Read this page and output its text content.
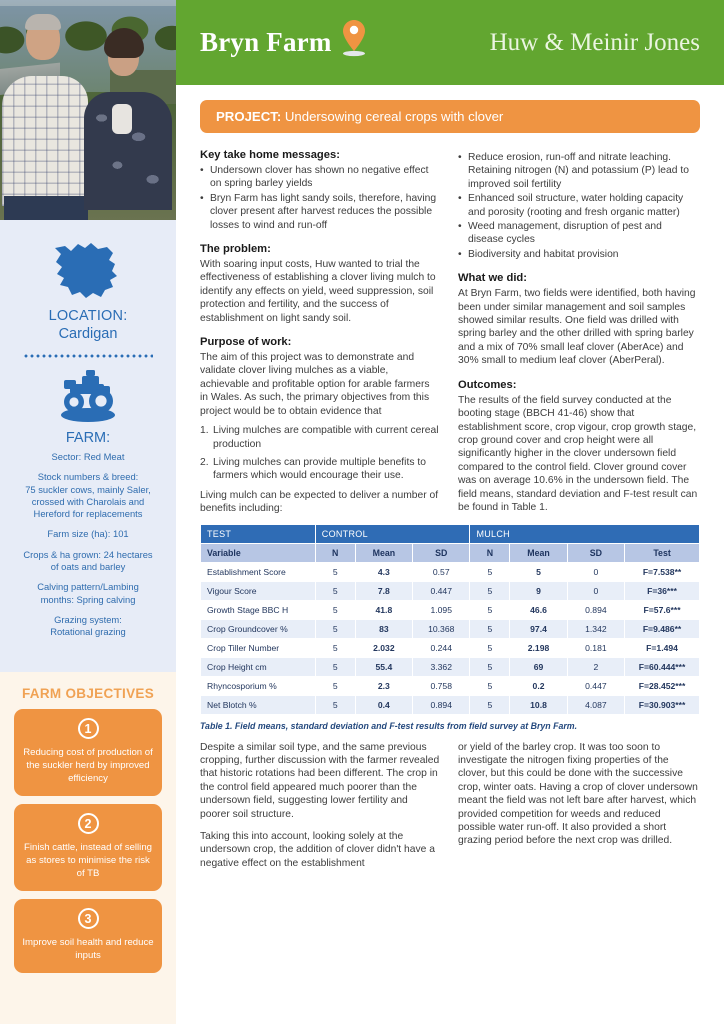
LOCATION:
Cardigan
FARM:
Sector: Red Meat
Stock numbers & breed:
75 suckler cows, mainly Saler,
crossed with Charolais and
Hereford for replacements
Farm size (ha): 101
Crops & ha grown: 24 hectares
of oats and barley
Calving pattern/Lambing
months: Spring calving
Grazing system:
Rotational grazing
FARM OBJECTIVES
1
Reducing cost of production of the suckler herd by improved efficiency
2
Finish cattle, instead of selling as stores to minimise the risk of TB
3
Improve soil health and reduce inputs
Bryn Farm	Huw & Meinir Jones
PROJECT: Undersowing cereal crops with clover
Key take home messages:
• Undersown clover has shown no negative effect on spring barley yields
• Bryn Farm has light sandy soils, therefore, having clover present after harvest reduces the possible losses to wind and run-off
The problem:

With soaring input costs, Huw wanted to trial the effectiveness of establishing a clover living mulch to identify any effects on yield, weed suppression, soil protection and fertility, and the success of establishment on light sandy soil.

Purpose of work:

The aim of this project was to demonstrate and validate clover living mulches as a viable, achievable and profitable option for arable farmers in Wales. As such, the primary objectives from this project would be to obtain evidence that

Living mulches are compatible with current cereal production
Living mulches can provide multiple benefits to farmers which would encourage their use.

Living mulch can be expected to deliver a number of benefits including:

• Reduce erosion, run-off and nitrate leaching. Retaining nitrogen (N) and potassium (P) lead to improved soil fertility
• Enhanced soil structure, water holding capacity and porosity (rooting and fresh organic matter)
• Weed management, disruption of pest and disease cycles
• Biodiversity and habitat provision
What we did:

At Bryn Farm, two fields were identified, both having been under similar management and soil samples showed similar results. One field was drilled with spring barley and the other drilled with spring barley and a mix of 70% small leaf clover (AberAce) and 30% small to medium leaf clover (AberPeral).

Outcomes:

The results of the field survey conducted at the booting stage (BBCH 41-46) show that establishment score, crop vigour, crop growth stage, crop ground cover and crop height were all significantly higher in the clover undersown field compared to the control field. Clover ground cover was on average 10.6% in the undersown field. The field means, standard deviation and F-test result can be found in Table 1.

TEST	CONTROL			MULCH			
Variable	N	Mean	SD	N	Mean	SD	Test
Establishment Score	5	4.3	0.57	5	5	0	F=7.538**
Vigour Score	5	7.8	0.447	5	9	0	F=36***
Growth Stage BBC H	5	41.8	1.095	5	46.6	0.894	F=57.6***
Crop Groundcover %	5	83	10.368	5	97.4	1.342	F=9.486**
Crop Tiller Number	5	2.032	0.244	5	2.198	0.181	F=1.494
Crop Height cm	5	55.4	3.362	5	69	2	F=60.444***
Rhyncosporium %	5	2.3	0.758	5	0.2	0.447	F=28.452***
Net Blotch %	5	0.4	0.894	5	10.8	4.087	F=30.903***
Table 1. Field means, standard deviation and F-test results from field survey at Bryn Farm.

Despite a similar soil type, and the same previous cropping, further discussion with the farmer revealed that historic rotations had been different. The crop in the control field appeared much poorer than the undersown field, suggesting lower fertility and poorer soil structure.

Taking this into account, looking solely at the undersown crop, the addition of clover didn't have a negative effect on the establishment

or yield of the barley crop. It was too soon to investigate the nitrogen fixing properties of the clover, but this could be done with the successive crop, winter oats. Having a crop of clover undersown meant the field was not left bare after harvest, which provided competition for weeds and reduced possible water run-off. It also provided a short grazing period before the next crop was drilled.
